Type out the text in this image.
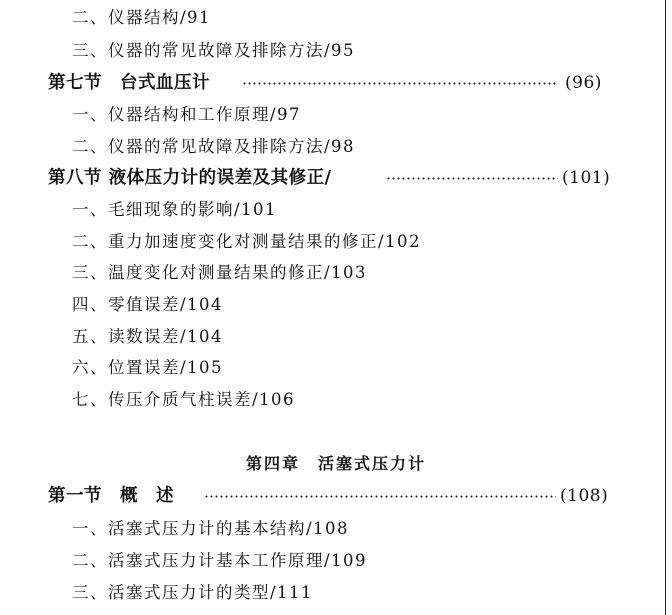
二、仪器结构/91
三、仪器的常见故障及排除方法/95
第七节　台式血压计	(96)
一、仪器结构和工作原理/97
二、仪器的常见故障及排除方法/98
第八节 液体压力计的误差及其修正/	(101)
一、毛细现象的影响/101
二、重力加速度变化对测量结果的修正/102
三、温度变化对测量结果的修正/103
四、零值误差/104
五、读数误差/104
六、位置误差/105
七、传压介质气柱误差/106
第四章　活塞式压力计
第一节　概　述	(108)
一、活塞式压力计的基本结构/108
二、活塞式压力计基本工作原理/109
三、活塞式压力计的类型/111
